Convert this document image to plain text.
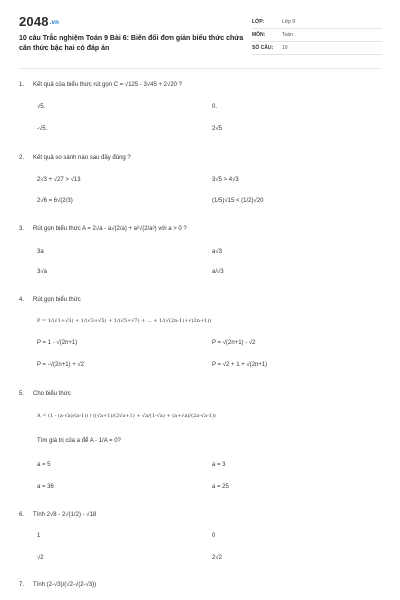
2048.vn
10 câu Trắc nghiệm Toán 9 Bài 6: Biến đổi đơn giản biểu thức chứa căn thức bậc hai có đáp án
LỚP:	Lớp 9
MÔN:	Toán
SỐ CÂU:	10
1.	Kết quả của biểu thức rút gọn C = √125 - 3√45 + 2√20 ?
√5.	0.
-√5.	2√5
2.	Kết quả so sánh nào sau đây đúng ?
2√3 + √27 > √13	3√5 > 4√3
2√6 = 6√(2/3)	(1/5)√15 < (1/2)√20
3.	Rút gọn biểu thức A = 2√a - a√(2/a) + a²√(2/a³) với a > 0 ?
3a	a√3
3√a	a/√3
4.	Rút gọn biểu thức
P = 1/(√1+√3) + 1/(√3+√5) + 1/(√5+√7) + ... + 1/(√(2n-1)+√(2n+1))
P = 1 - √(2n+1)	P = √(2n+1) - √2
P = -√(2n+1) + √2	P = √2 + 1 + √(2n+1)
5.	Cho biểu thức
A = (1 - (a-√a)/(a-1)) / ((√a+1)/(2√a+1) + √a/(1-√a) + (a+√a)/(2a-√a-1))
Tìm giá trị của a để A - 1/A = 0?
a = 5	a = 3
a = 36	a = 25
6.	Tính 2√8 - 2√(1/2) - √18
1	0
√2	2√2
7.	Tính (2-√3)/(√2-√(2-√3))
